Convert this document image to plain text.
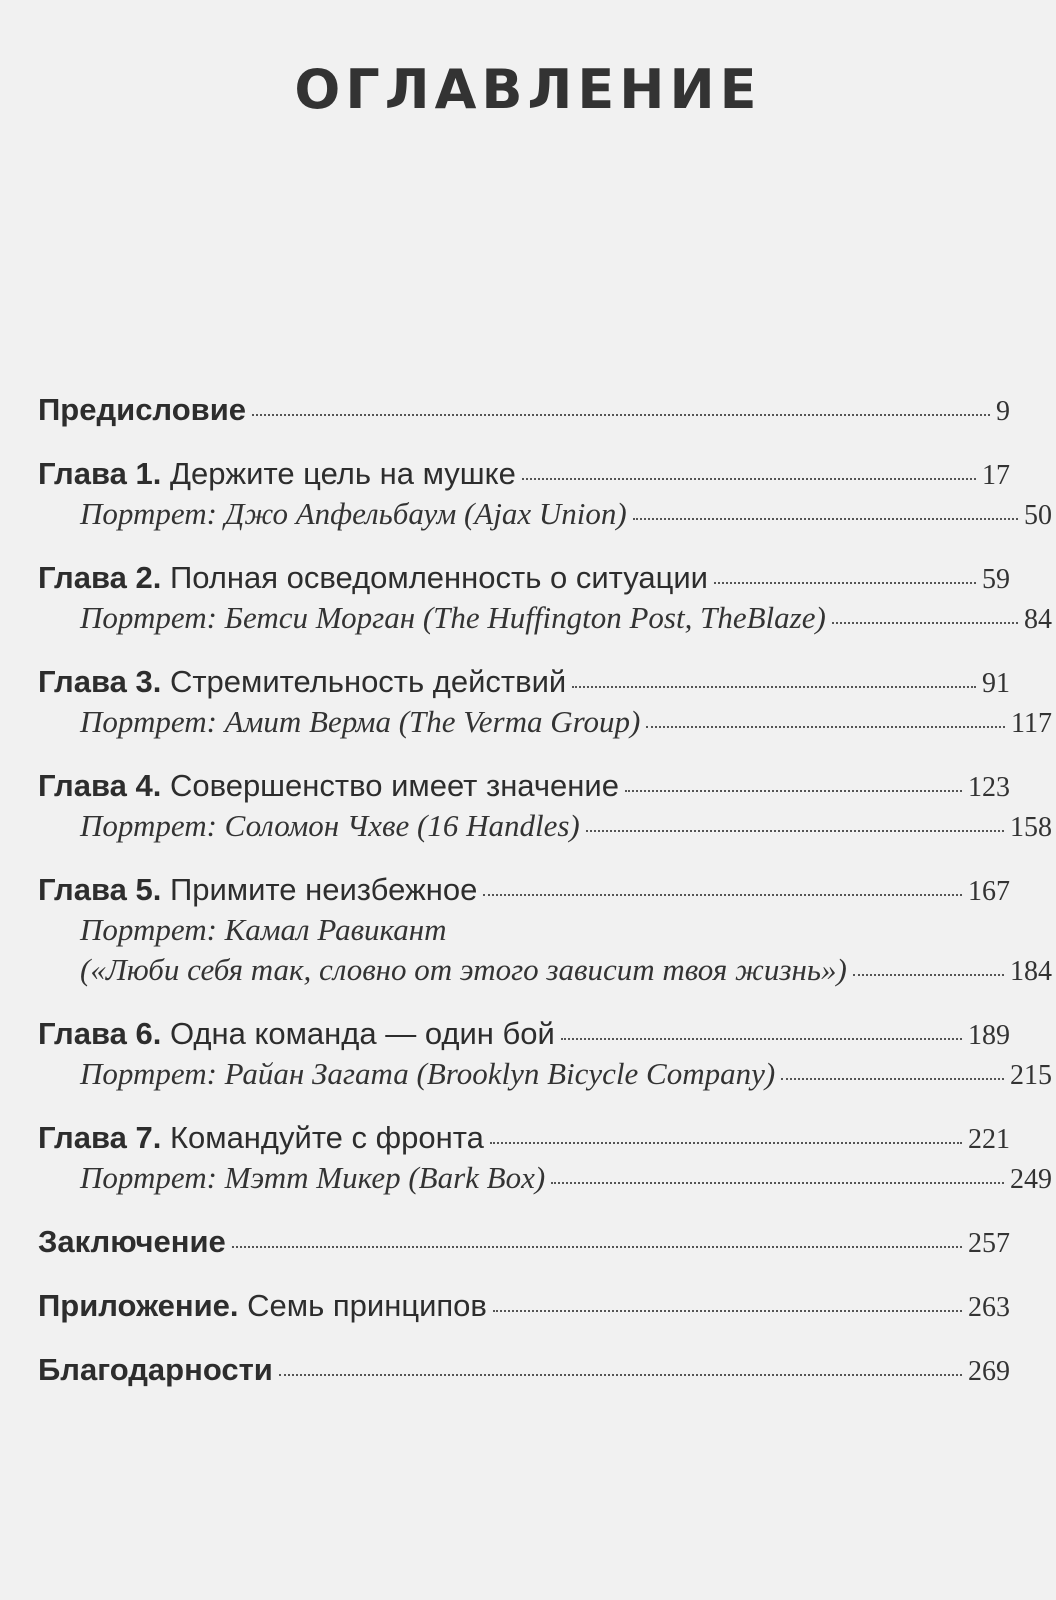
ОГЛАВЛЕНИЕ
Предисловие	9
Глава 1. Держите цель на мушке	17
Портрет: Джо Апфельбаум (Ajax Union)	50
Глава 2. Полная осведомленность о ситуации	59
Портрет: Бетси Морган (The Huffington Post, TheBlaze)	84
Глава 3. Стремительность действий	91
Портрет: Амит Верма (The Verma Group)	117
Глава 4. Совершенство имеет значение	123
Портрет: Соломон Чхве (16 Handles)	158
Глава 5. Примите неизбежное	167
Портрет: Камал Равикант
(«Люби себя так, словно от этого зависит твоя жизнь»)	184
Глава 6. Одна команда — один бой	189
Портрет: Райан Загата (Brooklyn Bicycle Company)	215
Глава 7. Командуйте с фронта	221
Портрет: Мэтт Микер (Bark Box)	249
Заключение	257
Приложение. Семь принципов	263
Благодарности	269
